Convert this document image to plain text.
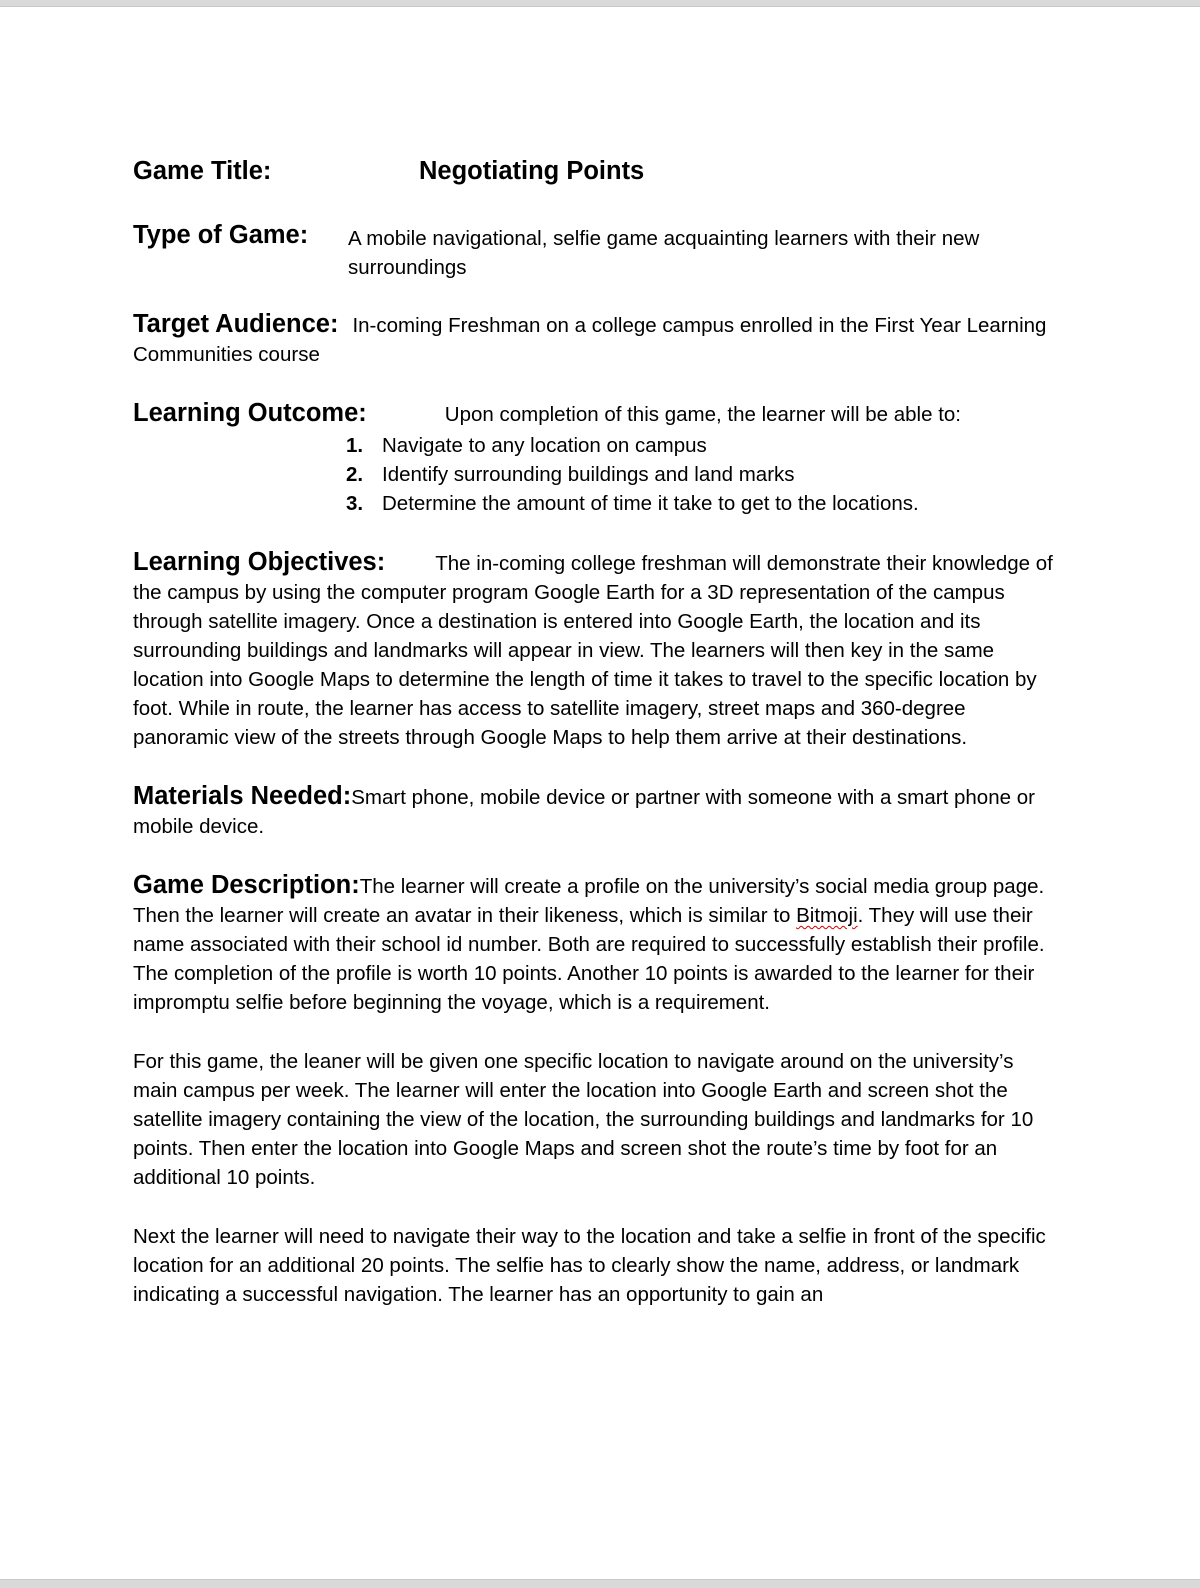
Game Title:	Negotiating Points
Type of Game: A mobile navigational, selfie game acquainting learners with their new surroundings
Target Audience: In-coming Freshman on a college campus enrolled in the First Year Learning Communities course
Learning Outcome:	Upon completion of this game, the learner will be able to:
1. Navigate to any location on campus
2. Identify surrounding buildings and land marks
3. Determine the amount of time it take to get to the locations.
Learning Objectives: The in-coming college freshman will demonstrate their knowledge of the campus by using the computer program Google Earth for a 3D representation of the campus through satellite imagery. Once a destination is entered into Google Earth, the location and its surrounding buildings and landmarks will appear in view. The learners will then key in the same location into Google Maps to determine the length of time it takes to travel to the specific location by foot. While in route, the learner has access to satellite imagery, street maps and 360-degree panoramic view of the streets through Google Maps to help them arrive at their destinations.
Materials Needed:Smart phone, mobile device or partner with someone with a smart phone or mobile device.
Game Description:The learner will create a profile on the university’s social media group page. Then the learner will create an avatar in their likeness, which is similar to Bitmoji. They will use their name associated with their school id number. Both are required to successfully establish their profile. The completion of the profile is worth 10 points. Another 10 points is awarded to the learner for their impromptu selfie before beginning the voyage, which is a requirement.
For this game, the leaner will be given one specific location to navigate around on the university’s main campus per week. The learner will enter the location into Google Earth and screen shot the satellite imagery containing the view of the location, the surrounding buildings and landmarks for 10 points. Then enter the location into Google Maps and screen shot the route’s time by foot for an additional 10 points.
Next the learner will need to navigate their way to the location and take a selfie in front of the specific location for an additional 20 points. The selfie has to clearly show the name, address, or landmark indicating a successful navigation. The learner has an opportunity to gain an
